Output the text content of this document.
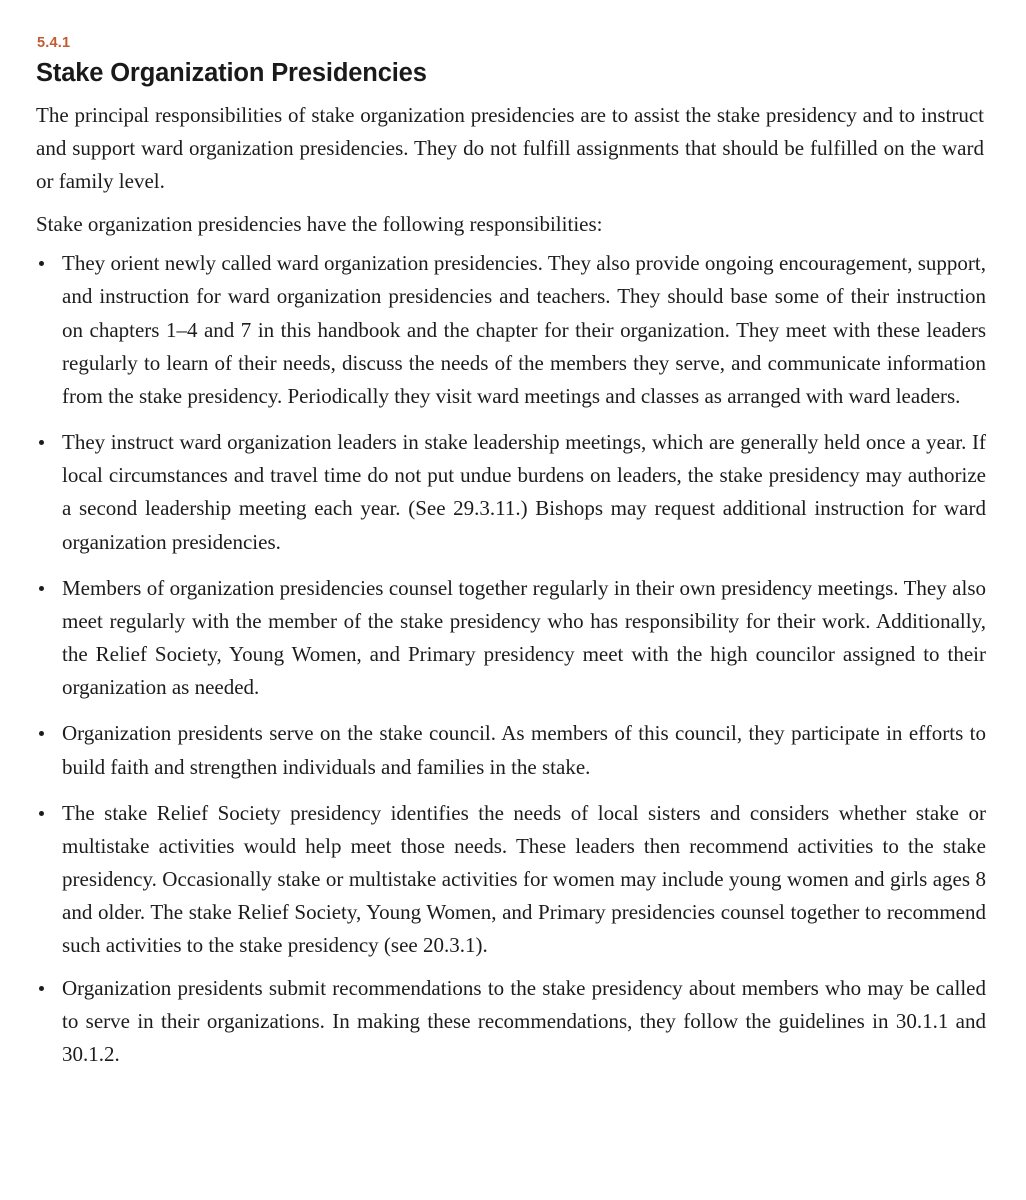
5.4.1
Stake Organization Presidencies

The principal responsibilities of stake organization presidencies are to assist the stake presidency and to instruct and support ward organization presidencies. They do not fulfill assignments that should be fulfilled on the ward or family level.

Stake organization presidencies have the following responsibilities:

They orient newly called ward organization presidencies. They also provide ongoing encouragement, support, and instruction for ward organization presidencies and teachers. They should base some of their instruction on chapters 1–4 and 7 in this handbook and the chapter for their organization. They meet with these leaders regularly to learn of their needs, discuss the needs of the members they serve, and communicate information from the stake presidency. Periodically they visit ward meetings and classes as arranged with ward leaders.
They instruct ward organization leaders in stake leadership meetings, which are generally held once a year. If local circumstances and travel time do not put undue burdens on leaders, the stake presidency may authorize a second leadership meeting each year. (See 29.3.11.) Bishops may request additional instruction for ward organization presidencies.
Members of organization presidencies counsel together regularly in their own presidency meetings. They also meet regularly with the member of the stake presidency who has responsibility for their work. Additionally, the Relief Society, Young Women, and Primary presidency meet with the high councilor assigned to their organization as needed.
Organization presidents serve on the stake council. As members of this council, they participate in efforts to build faith and strengthen individuals and families in the stake.
The stake Relief Society presidency identifies the needs of local sisters and considers whether stake or multistake activities would help meet those needs. These leaders then recommend activities to the stake presidency. Occasionally stake or multistake activities for women may include young women and girls ages 8 and older. The stake Relief Society, Young Women, and Primary presidencies counsel together to recommend such activities to the stake presidency (see 20.3.1).
Organization presidents submit recommendations to the stake presidency about members who may be called to serve in their organizations. In making these recommendations, they follow the guidelines in 30.1.1 and 30.1.2.
